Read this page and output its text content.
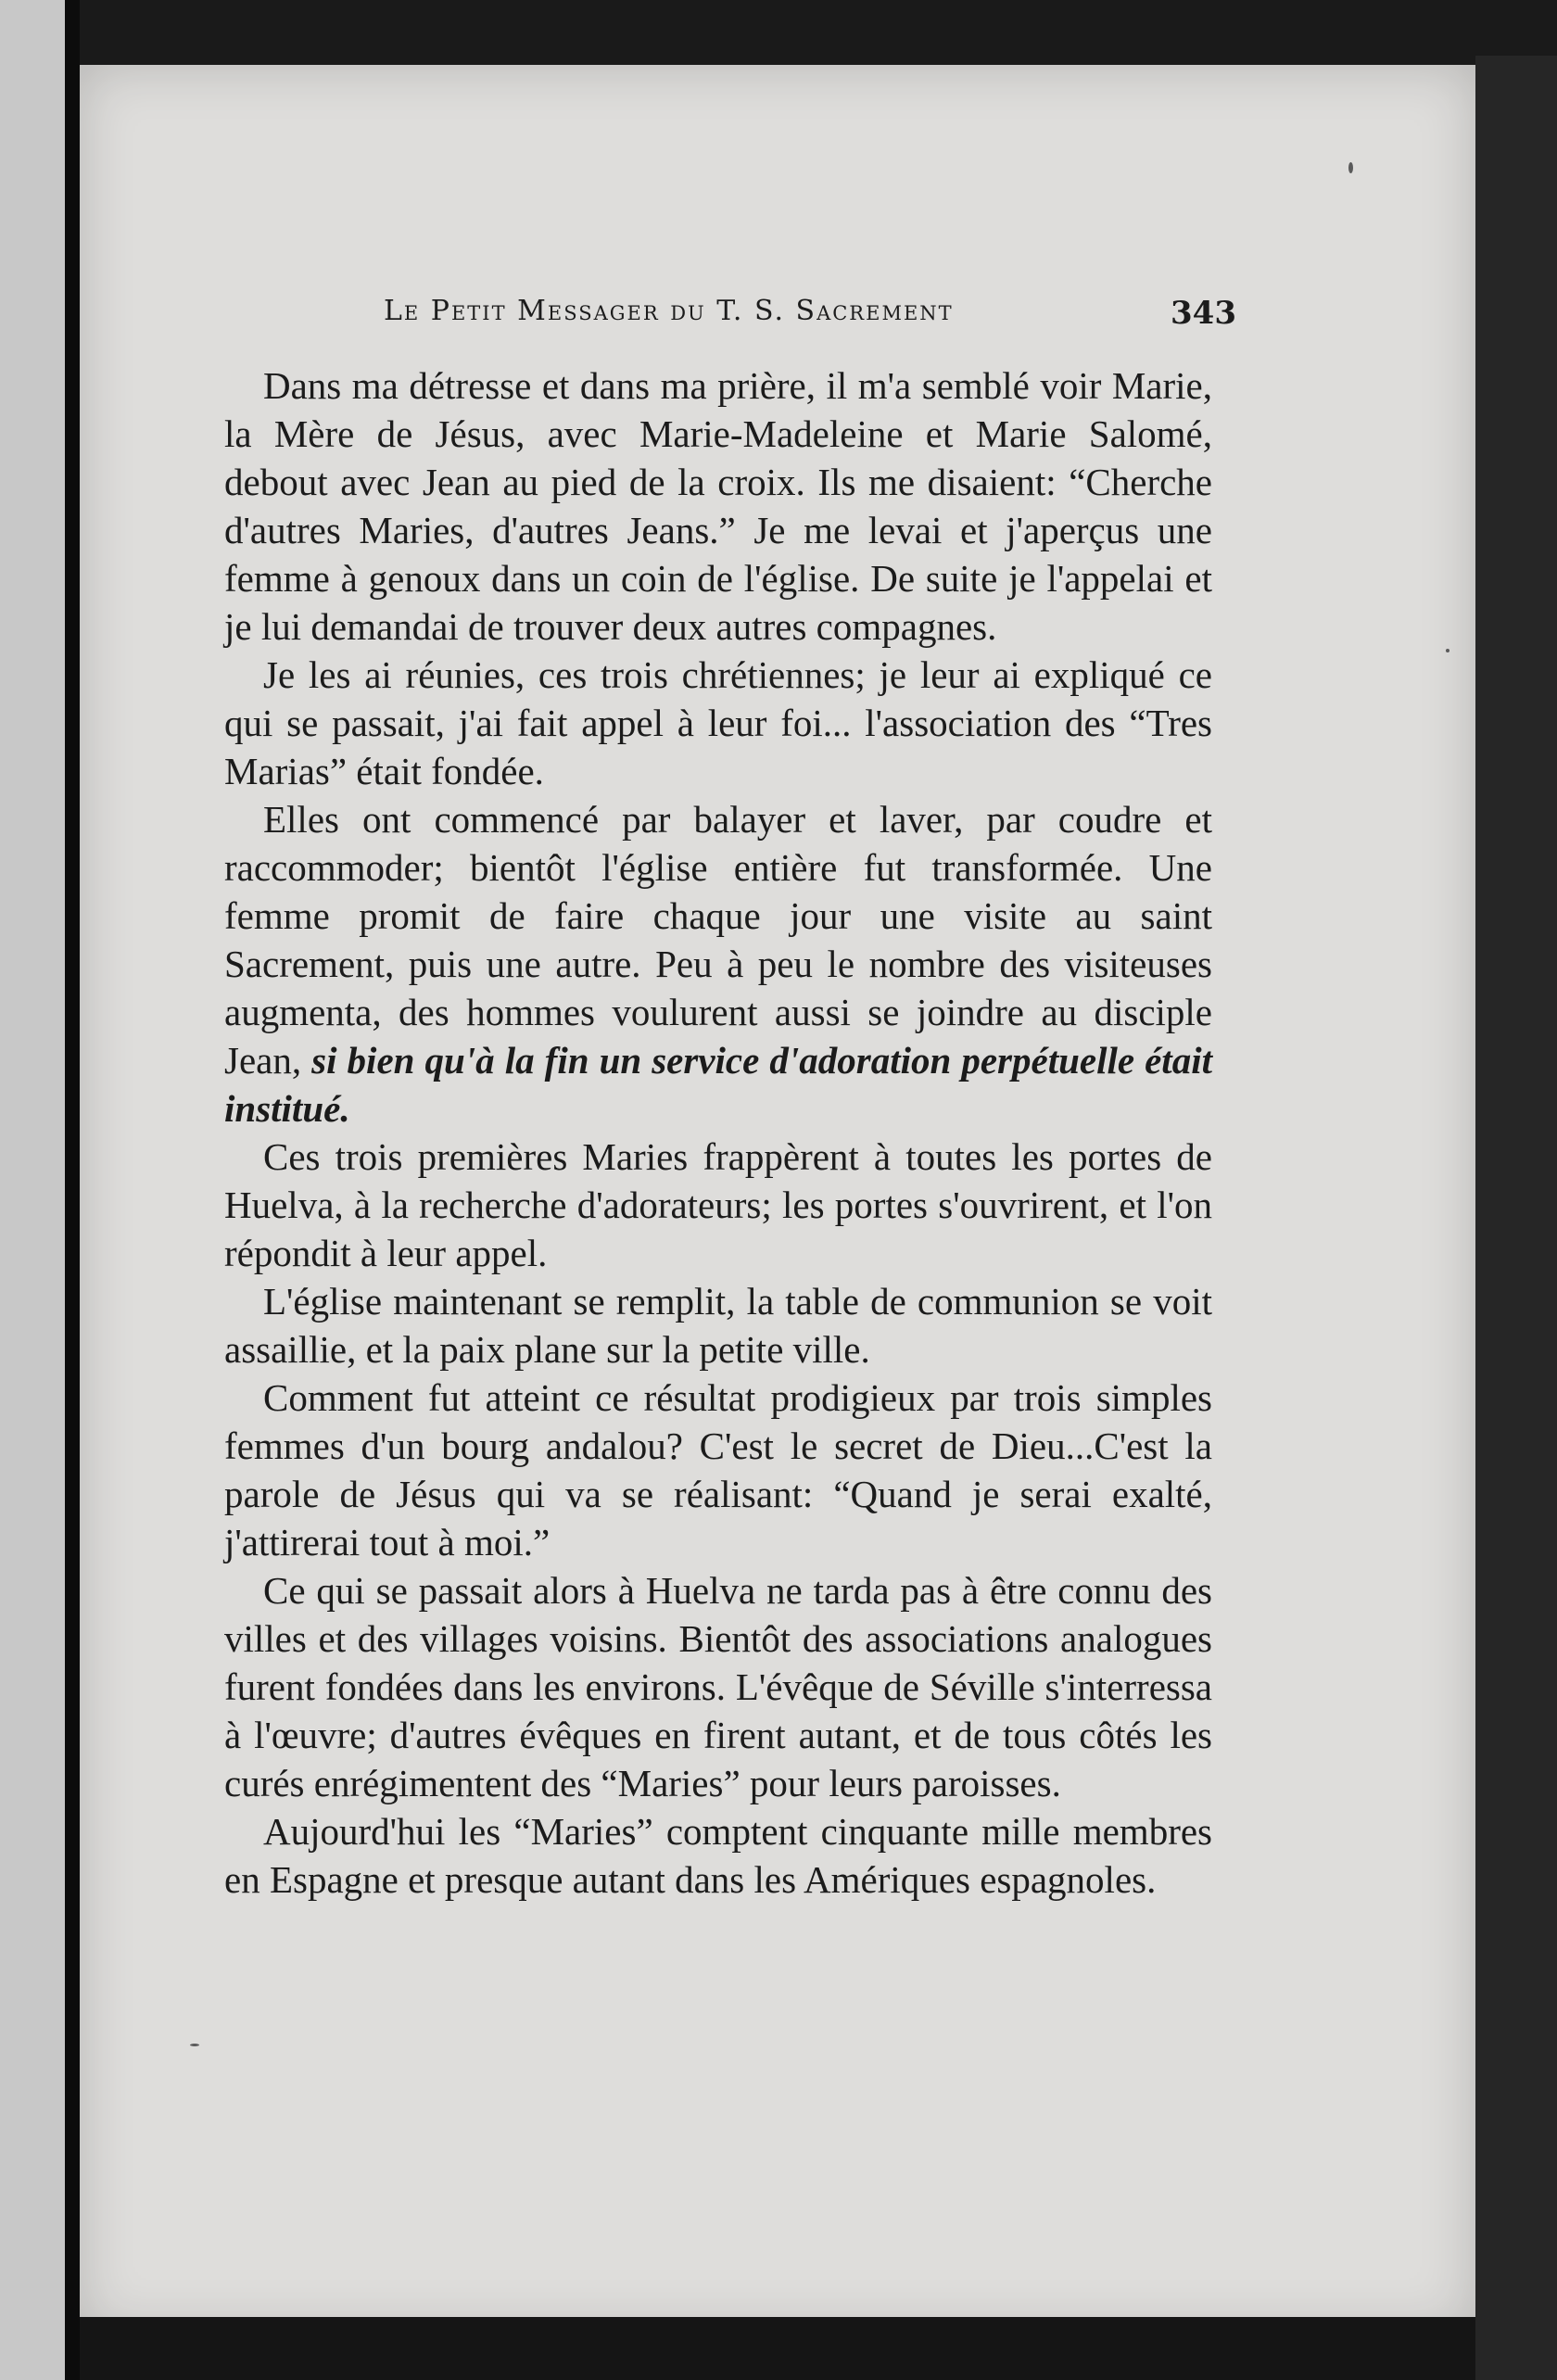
Le Petit Messager du T. S. Sacrement	343

Dans ma détresse et dans ma prière, il m'a semblé voir Marie, la Mère de Jésus, avec Marie-Madeleine et Marie Salomé, debout avec Jean au pied de la croix. Ils me disaient: “Cherche d'autres Maries, d'autres Jeans.” Je me levai et j'aperçus une femme à genoux dans un coin de l'église. De suite je l'appelai et je lui demandai de trouver deux autres compagnes.

Je les ai réunies, ces trois chrétiennes; je leur ai expliqué ce qui se passait, j'ai fait appel à leur foi... l'association des “Tres Marias” était fondée.

Elles ont commencé par balayer et laver, par coudre et raccommoder; bientôt l'église entière fut transformée. Une femme promit de faire chaque jour une visite au saint Sacrement, puis une autre. Peu à peu le nombre des visiteuses augmenta, des hommes voulurent aussi se joindre au disciple Jean, si bien qu'à la fin un service d'adoration perpétuelle était institué.

Ces trois premières Maries frappèrent à toutes les portes de Huelva, à la recherche d'adorateurs; les portes s'ouvrirent, et l'on répondit à leur appel.

L'église maintenant se remplit, la table de communion se voit assaillie, et la paix plane sur la petite ville.

Comment fut atteint ce résultat prodigieux par trois simples femmes d'un bourg andalou? C'est le secret de Dieu...C'est la parole de Jésus qui va se réalisant: “Quand je serai exalté, j'attirerai tout à moi.”

Ce qui se passait alors à Huelva ne tarda pas à être connu des villes et des villages voisins. Bientôt des associations analogues furent fondées dans les environs. L'évêque de Séville s'interressa à l'œuvre; d'autres évêques en firent autant, et de tous côtés les curés enrégimentent des “Maries” pour leurs paroisses.

Aujourd'hui les “Maries” comptent cinquante mille membres en Espagne et presque autant dans les Amériques espagnoles.
